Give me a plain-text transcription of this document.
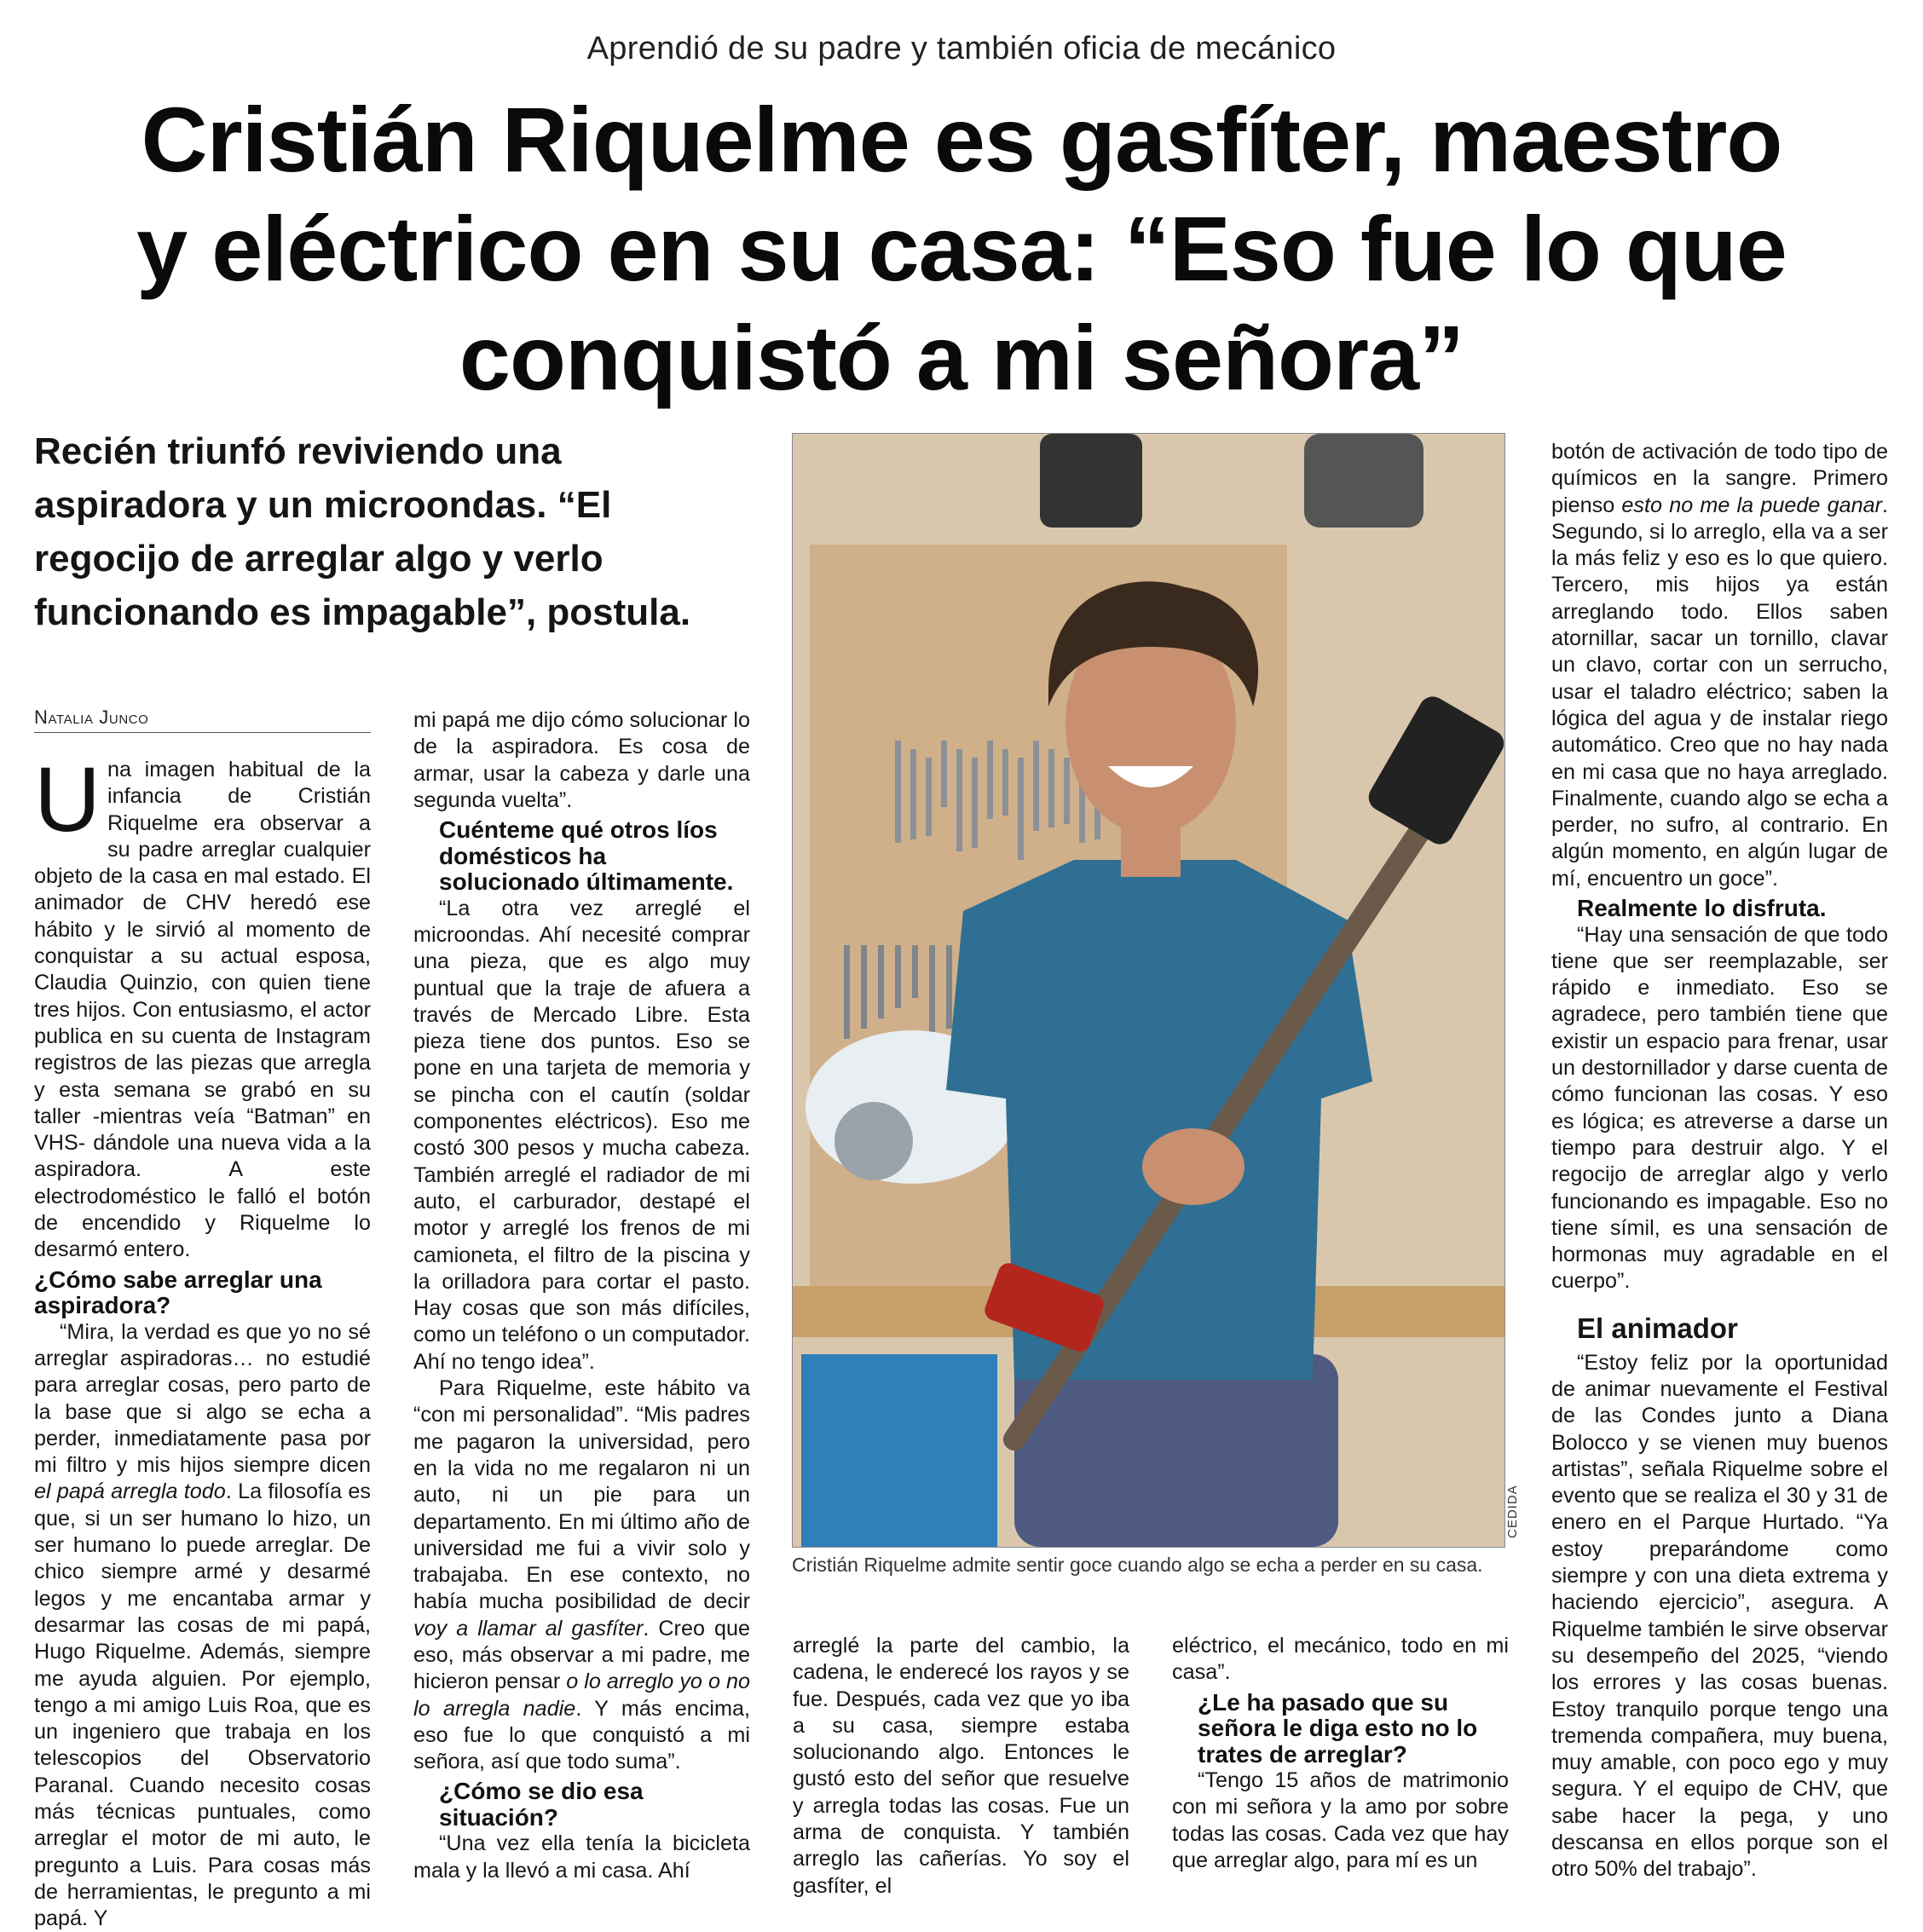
Aprendió de su padre y también oficia de mecánico
Cristián Riquelme es gasfíter, maestro
y eléctrico en su casa: “Eso fue lo que
conquistó a mi señora”
Recién triunfó reviviendo una
aspiradora y un microondas. “El
regocijo de arreglar algo y verlo
funcionando es impagable”, postula.
Natalia Junco

Una imagen habitual de la infancia de Cristián Riquelme era observar a su padre arreglar cualquier objeto de la casa en mal estado. El animador de CHV heredó ese hábito y le sirvió al momento de conquistar a su actual esposa, Claudia Quinzio, con quien tiene tres hijos. Con entusiasmo, el actor publica en su cuenta de Instagram registros de las piezas que arregla y esta semana se grabó en su taller -mientras veía “Batman” en VHS- dándole una nueva vida a la aspiradora. A este electrodoméstico le falló el botón de encendido y Riquelme lo desarmó entero.

¿Cómo sabe arreglar una aspiradora?

“Mira, la verdad es que yo no sé arreglar aspiradoras… no estudié para arreglar cosas, pero parto de la base que si algo se echa a perder, inmediatamente pasa por mi filtro y mis hijos siempre dicen el papá arregla todo. La filosofía es que, si un ser humano lo hizo, un ser humano lo puede arreglar. De chico siempre armé y desarmé legos y me encantaba armar y desarmar las cosas de mi papá, Hugo Riquelme. Además, siempre me ayuda alguien. Por ejemplo, tengo a mi amigo Luis Roa, que es un ingeniero que trabaja en los telescopios del Observatorio Paranal. Cuando necesito cosas más técnicas puntuales, como arreglar el motor de mi auto, le pregunto a Luis. Para cosas más de herramientas, le pregunto a mi papá. Y

mi papá me dijo cómo solucionar lo de la aspiradora. Es cosa de armar, usar la cabeza y darle una segunda vuelta”.

Cuénteme qué otros líos domésticos ha solucionado últimamente.

“La otra vez arreglé el microondas. Ahí necesité comprar una pieza, que es algo muy puntual que la traje de afuera a través de Mercado Libre. Esta pieza tiene dos puntos. Eso se pone en una tarjeta de memoria y se pincha con el cautín (soldar componentes eléctricos). Eso me costó 300 pesos y mucha cabeza. También arreglé el radiador de mi auto, el carburador, destapé el motor y arreglé los frenos de mi camioneta, el filtro de la piscina y la orilladora para cortar el pasto. Hay cosas que son más difíciles, como un teléfono o un computador. Ahí no tengo idea”.

Para Riquelme, este hábito va “con mi personalidad”. “Mis padres me pagaron la universidad, pero en la vida no me regalaron ni un auto, ni un pie para un departamento. En mi último año de universidad me fui a vivir solo y trabajaba. En ese contexto, no había mucha posibilidad de decir voy a llamar al gasfíter. Creo que eso, más observar a mi padre, me hicieron pensar o lo arreglo yo o no lo arregla nadie. Y más encima, eso fue lo que conquistó a mi señora, así que todo suma”.

¿Cómo se dio esa situación?

“Una vez ella tenía la bicicleta mala y la llevó a mi casa. Ahí

CEDIDA
Cristián Riquelme admite sentir goce cuando algo se echa a perder en su casa.

arreglé la parte del cambio, la cadena, le enderecé los rayos y se fue. Después, cada vez que yo iba a su casa, siempre estaba solucionando algo. Entonces le gustó esto del señor que resuelve y arregla todas las cosas. Fue un arma de conquista. Y también arreglo las cañerías. Yo soy el gasfíter, el

eléctrico, el mecánico, todo en mi casa”.

¿Le ha pasado que su señora le diga esto no lo trates de arreglar?

“Tengo 15 años de matrimonio con mi señora y la amo por sobre todas las cosas. Cada vez que hay que arreglar algo, para mí es un

botón de activación de todo tipo de químicos en la sangre. Primero pienso esto no me la puede ganar. Segundo, si lo arreglo, ella va a ser la más feliz y eso es lo que quiero. Tercero, mis hijos ya están arreglando todo. Ellos saben atornillar, sacar un tornillo, clavar un clavo, cortar con un serrucho, usar el taladro eléctrico; saben la lógica del agua y de instalar riego automático. Creo que no hay nada en mi casa que no haya arreglado. Finalmente, cuando algo se echa a perder, no sufro, al contrario. En algún momento, en algún lugar de mí, encuentro un goce”.

Realmente lo disfruta.

“Hay una sensación de que todo tiene que ser reemplazable, ser rápido e inmediato. Eso se agradece, pero también tiene que existir un espacio para frenar, usar un destornillador y darse cuenta de cómo funcionan las cosas. Y eso es lógica; es atreverse a darse un tiempo para destruir algo. Y el regocijo de arreglar algo y verlo funcionando es impagable. Eso no tiene símil, es una sensación de hormonas muy agradable en el cuerpo”.

El animador

“Estoy feliz por la oportunidad de animar nuevamente el Festival de las Condes junto a Diana Bolocco y se vienen muy buenos artistas”, señala Riquelme sobre el evento que se realiza el 30 y 31 de enero en el Parque Hurtado. “Ya estoy preparándome como siempre y con una dieta extrema y haciendo ejercicio”, asegura. A Riquelme también le sirve observar su desempeño del 2025, “viendo los errores y las cosas buenas. Estoy tranquilo porque tengo una tremenda compañera, muy buena, muy amable, con poco ego y muy segura. Y el equipo de CHV, que sabe hacer la pega, y uno descansa en ellos porque son el otro 50% del trabajo”.
